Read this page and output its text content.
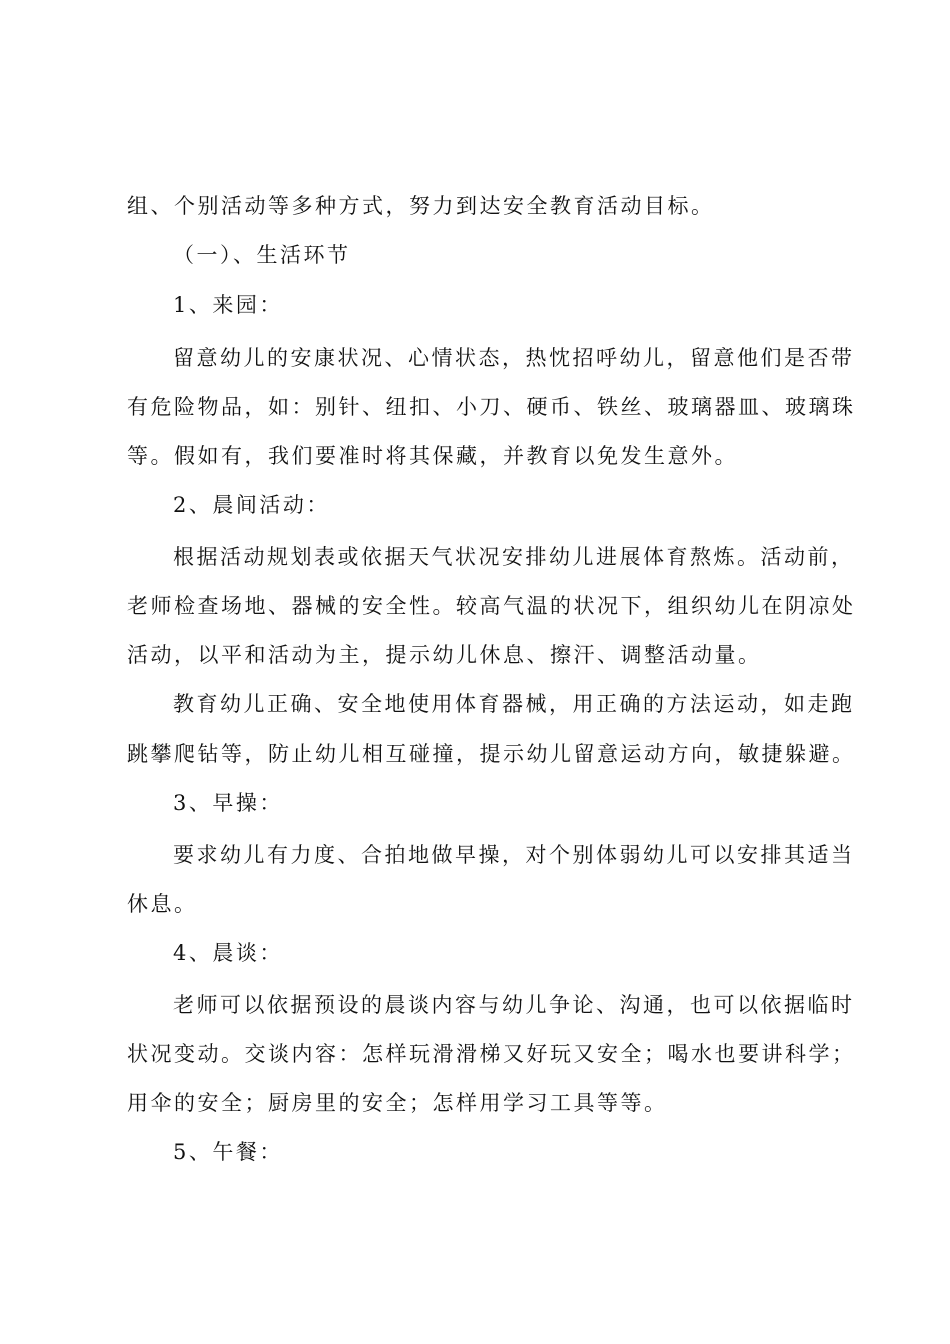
组、个别活动等多种方式，努力到达安全教育活动目标。
（一）、生活环节
1、来园：
留意幼儿的安康状况、心情状态，热忱招呼幼儿，留意他们是否带
有危险物品，如：别针、纽扣、小刀、硬币、铁丝、玻璃器皿、玻璃珠
等。假如有，我们要准时将其保藏，并教育以免发生意外。
2、晨间活动：
根据活动规划表或依据天气状况安排幼儿进展体育熬炼。活动前，
老师检查场地、器械的安全性。较高气温的状况下，组织幼儿在阴凉处
活动，以平和活动为主，提示幼儿休息、擦汗、调整活动量。
教育幼儿正确、安全地使用体育器械，用正确的方法运动，如走跑
跳攀爬钻等，防止幼儿相互碰撞，提示幼儿留意运动方向，敏捷躲避。
3、早操：
要求幼儿有力度、合拍地做早操，对个别体弱幼儿可以安排其适当
休息。
4、晨谈：
老师可以依据预设的晨谈内容与幼儿争论、沟通，也可以依据临时
状况变动。交谈内容：怎样玩滑滑梯又好玩又安全；喝水也要讲科学；
用伞的安全；厨房里的安全；怎样用学习工具等等。
5、午餐：
